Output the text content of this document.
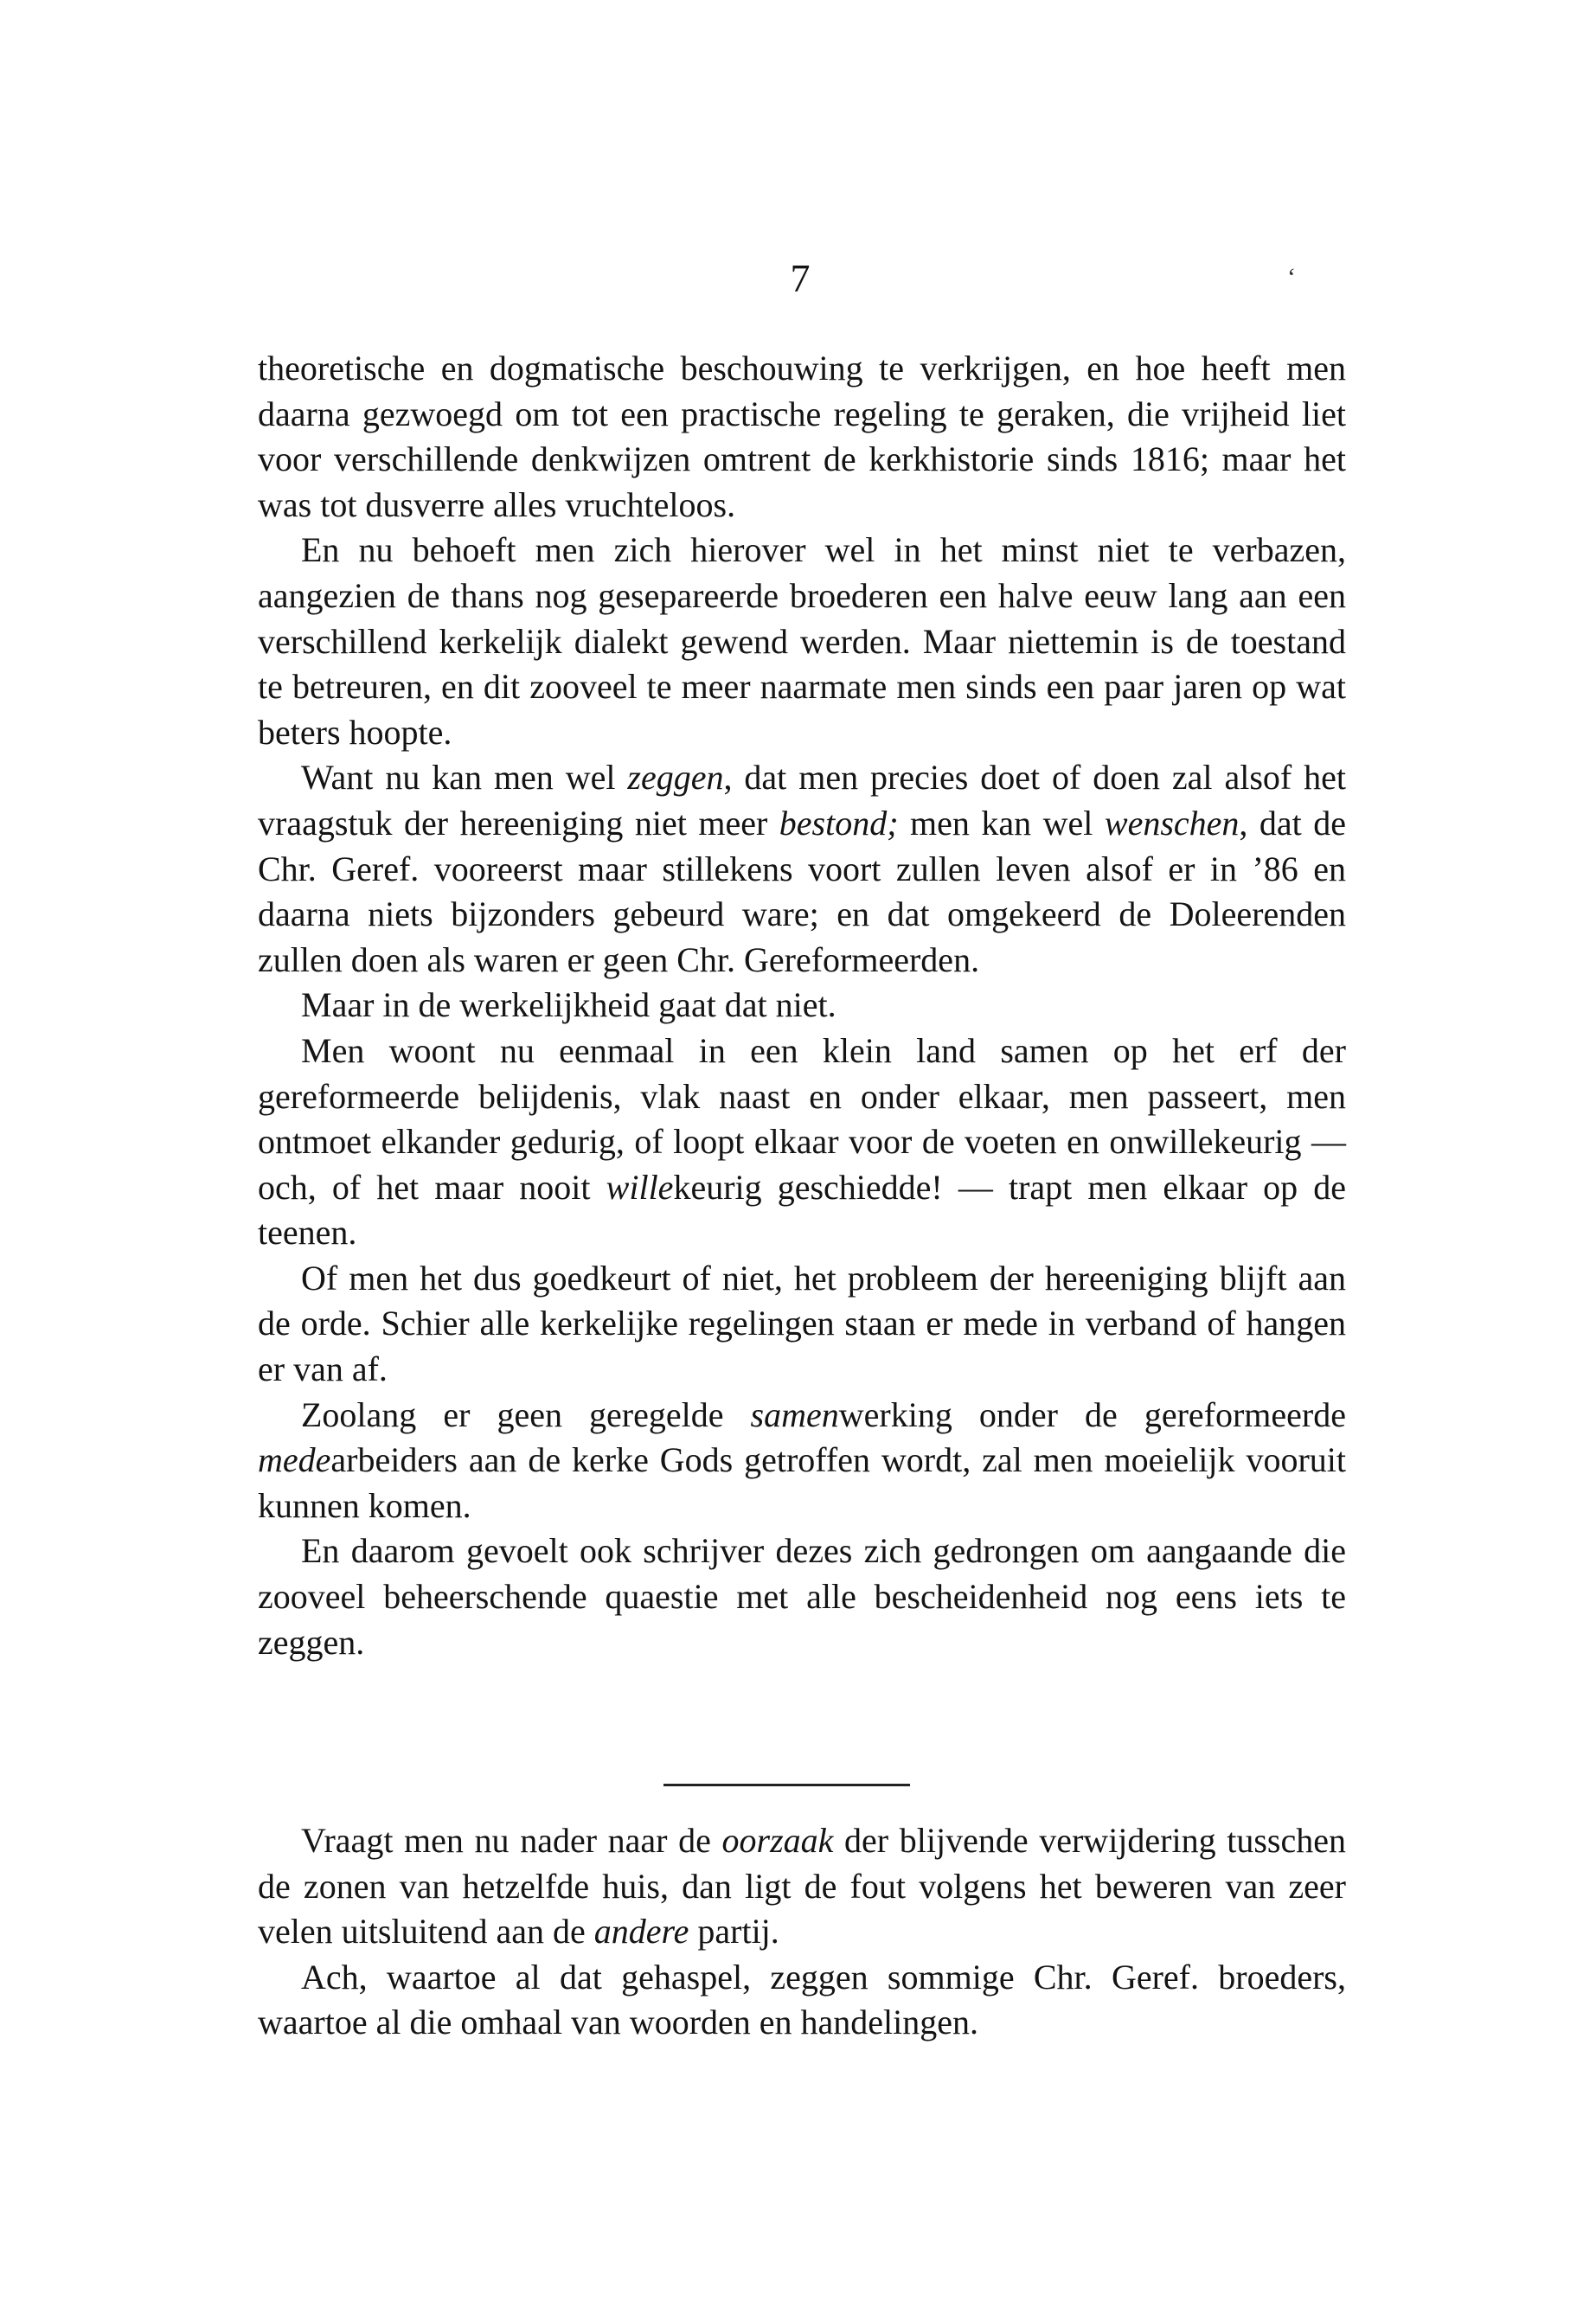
7	‘

theoretische en dogmatische beschouwing te verkrijgen, en hoe heeft men daarna gezwoegd om tot een practische regeling te geraken, die vrijheid liet voor verschillende denkwijzen omtrent de kerkhistorie sinds 1816; maar het was tot dusverre alles vruchteloos.

En nu behoeft men zich hierover wel in het minst niet te verbazen, aangezien de thans nog gesepareerde broederen een halve eeuw lang aan een verschillend kerkelijk dialekt gewend werden. Maar niettemin is de toestand te betreuren, en dit zooveel te meer naarmate men sinds een paar jaren op wat beters hoopte.

Want nu kan men wel zeggen, dat men precies doet of doen zal alsof het vraagstuk der hereeniging niet meer bestond; men kan wel wenschen, dat de Chr. Geref. vooreerst maar stillekens voort zullen leven alsof er in ’86 en daarna niets bijzonders gebeurd ware; en dat omgekeerd de Doleerenden zullen doen als waren er geen Chr. Gereformeerden.

Maar in de werkelijkheid gaat dat niet.

Men woont nu eenmaal in een klein land samen op het erf der gereformeerde belijdenis, vlak naast en onder elkaar, men passeert, men ontmoet elkander gedurig, of loopt elkaar voor de voeten en onwillekeurig — och, of het maar nooit willekeurig geschiedde! — trapt men elkaar op de teenen.

Of men het dus goedkeurt of niet, het probleem der hereeniging blijft aan de orde. Schier alle kerkelijke regelingen staan er mede in verband of hangen er van af.

Zoolang er geen geregelde samenwerking onder de gereformeerde medearbeiders aan de kerke Gods getroffen wordt, zal men moeielijk vooruit kunnen komen.

En daarom gevoelt ook schrijver dezes zich gedrongen om aangaande die zooveel beheerschende quaestie met alle bescheidenheid nog eens iets te zeggen.

Vraagt men nu nader naar de oorzaak der blijvende verwijdering tusschen de zonen van hetzelfde huis, dan ligt de fout volgens het beweren van zeer velen uitsluitend aan de andere partij.

Ach, waartoe al dat gehaspel, zeggen sommige Chr. Geref. broeders, waartoe al die omhaal van woorden en handelingen.
